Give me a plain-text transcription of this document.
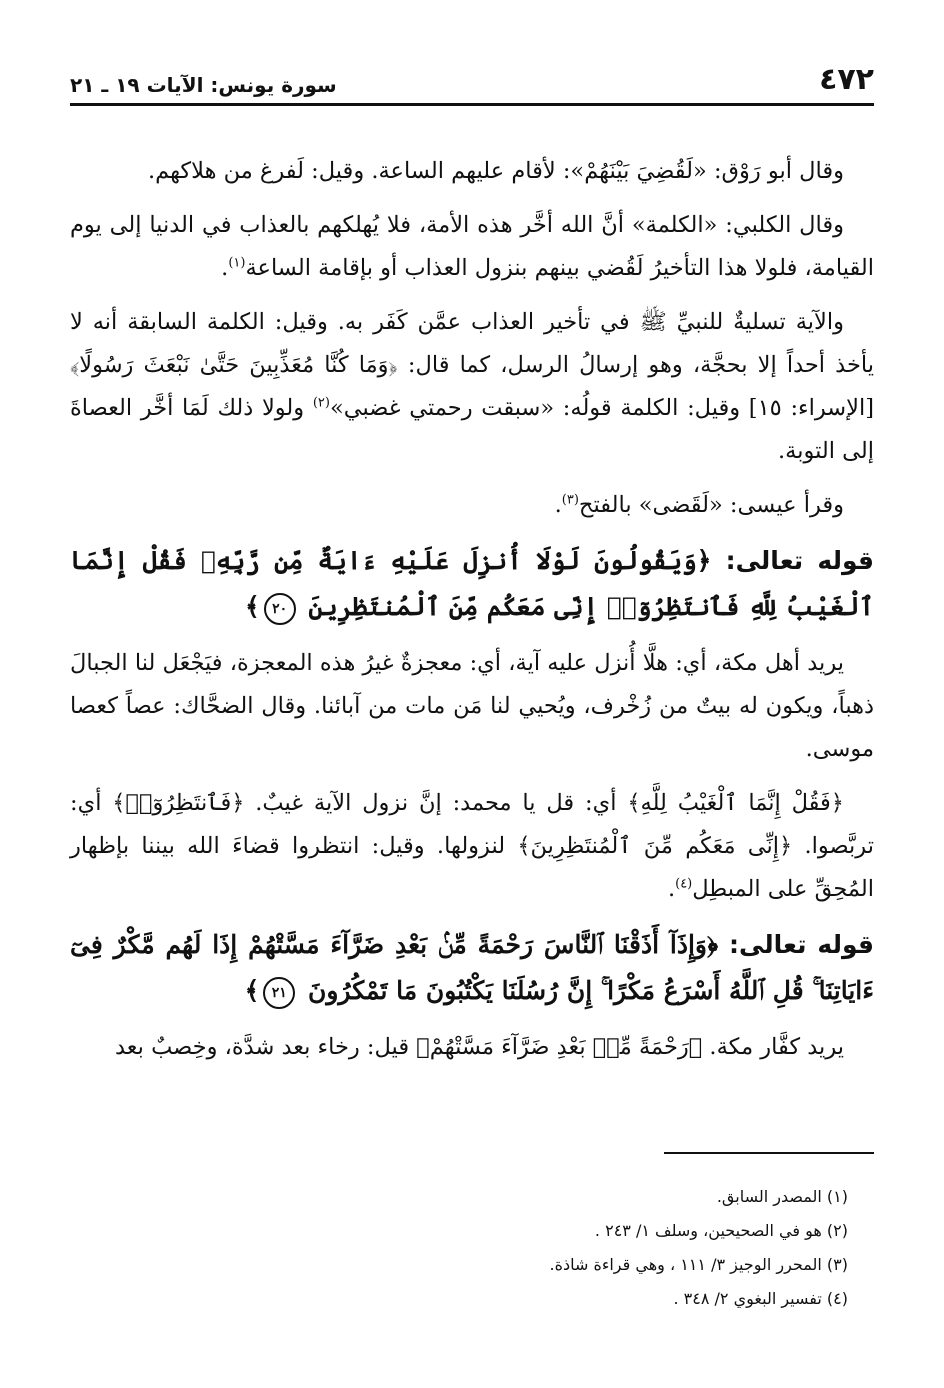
٤٧٢
سورة يونس: الآيات ١٩ ـ ٢١

وقال أبو رَوْق: «لَقُضِيَ بَيْنَهُمْ»: لأقام عليهم الساعة. وقيل: لَفرغ من هلاكهم.

وقال الكلبي: «الكلمة» أنَّ الله أخَّر هذه الأمة، فلا يُهلكهم بالعذاب في الدنيا إلى يوم القيامة، فلولا هذا التأخيرُ لَقُضي بينهم بنزول العذاب أو بإقامة الساعة$^{(١)}$.

والآية تسليةٌ للنبيِّ ﷺ في تأخير العذاب عمَّن كَفَر به. وقيل: الكلمة السابقة أنه لا يأخذ أحداً إلا بحجَّة، وهو إرسالُ الرسل، كما قال: ﴿وَمَا كُنَّا مُعَذِّبِينَ حَتَّىٰ نَبْعَثَ رَسُولًا﴾ [الإسراء: ١٥] وقيل: الكلمة قولُه: «سبقت رحمتي غضبي»$^{(٢)}$ ولولا ذلك لَمَا أخَّر العصاةَ إلى التوبة.

وقرأ عيسى: «لَقَضى» بالفتح$^{(٣)}$.

قوله تعالى: ﴿وَيَقُولُونَ لَوْلَا أُنزِلَ عَلَيْهِ ءَايَةٌ مِّن رَّبِّهِۦ فَقُلْ إِنَّمَا ٱلْغَيْبُ لِلَّهِ فَٱنتَظِرُوٓا۟ إِنِّى مَعَكُم مِّنَ ٱلْمُنتَظِرِينَ ٢٠﴾

يريد أهل مكة، أي: هلَّا أُنزل عليه آية، أي: معجزةٌ غيرُ هذه المعجزة، فيَجْعَل لنا الجبالَ ذهباً، ويكون له بيتٌ من زُخْرف، ويُحيي لنا مَن مات من آبائنا. وقال الضحَّاك: عصاً كعصا موسى.

﴿فَقُلْ إِنَّمَا ٱلْغَيْبُ لِلَّهِ﴾ أي: قل يا محمد: إنَّ نزول الآية غيبٌ. ﴿فَٱنتَظِرُوٓا۟﴾ أي: تربَّصوا. ﴿إِنِّى مَعَكُم مِّنَ ٱلْمُنتَظِرِينَ﴾ لنزولها. وقيل: انتظروا قضاءَ الله بيننا بإظهار المُحِقِّ على المبطِل$^{(٤)}$.

قوله تعالى: ﴿وَإِذَآ أَذَقْنَا ٱلنَّاسَ رَحْمَةً مِّنۢ بَعْدِ ضَرَّآءَ مَسَّتْهُمْ إِذَا لَهُم مَّكْرٌ فِىٓ ءَايَاتِنَا ۚ قُلِ ٱللَّهُ أَسْرَعُ مَكْرًا ۚ إِنَّ رُسُلَنَا يَكْتُبُونَ مَا تَمْكُرُونَ ٢١﴾

يريد كفَّار مكة. ﴿رَحْمَةً مِّنۢ بَعْدِ ضَرَّآءَ مَسَّتْهُمْ﴾ قيل: رخاء بعد شدَّة، وخِصبٌ بعد

(١) المصدر السابق.
(٢) هو في الصحيحين، وسلف ١/ ٢٤٣ .
(٣) المحرر الوجيز ٣/ ١١١ ، وهي قراءة شاذة.
(٤) تفسير البغوي ٢/ ٣٤٨ .
